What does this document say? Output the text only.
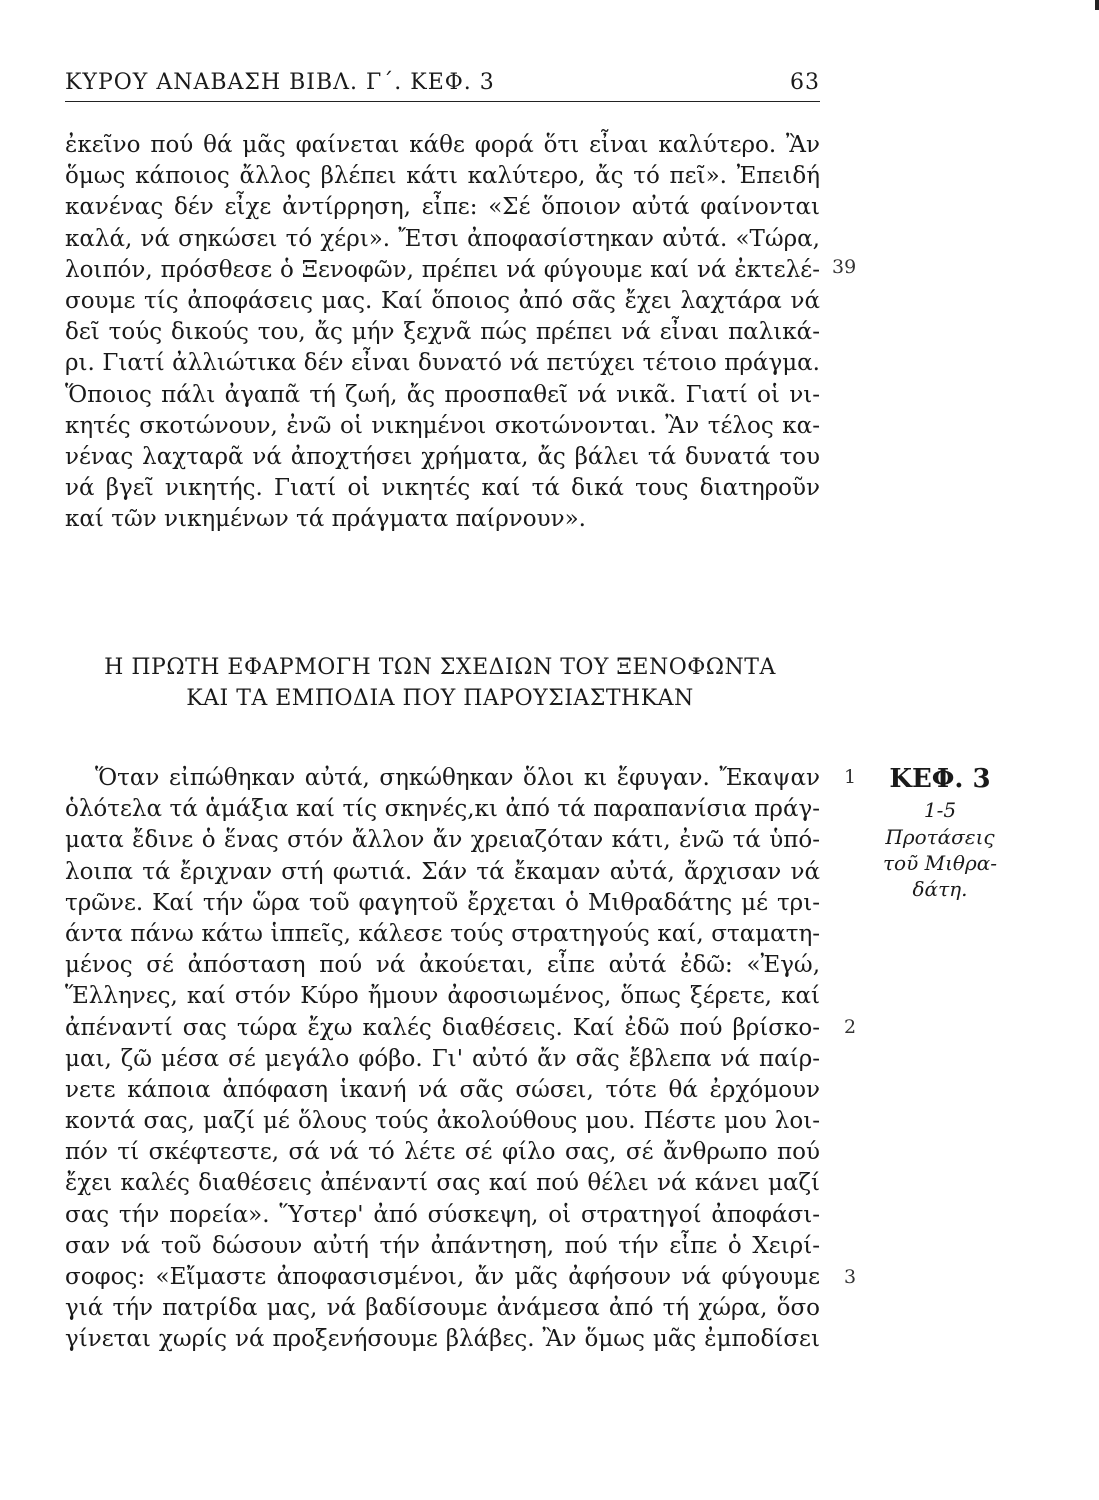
ΚΥΡΟΥ ΑΝΑΒΑΣΗ ΒΙΒΛ. Γ΄. ΚΕΦ. 3	63
ἐκεῖνο πού θά μᾶς φαίνεται κάθε φορά ὅτι εἶναι καλύτερο. Ἂν
ὅμως κάποιος ἄλλος βλέπει κάτι καλύτερο, ἄς τό πεῖ». Ἐπειδή
κανένας δέν εἶχε ἀντίρρηση, εἶπε: «Σέ ὅποιον αὐτά φαίνονται
καλά, νά σηκώσει τό χέρι». Ἔτσι ἀποφασίστηκαν αὐτά. «Τώρα,
λοιπόν, πρόσθεσε ὁ Ξενοφῶν, πρέπει νά φύγουμε καί νά ἐκτελέ-
σουμε τίς ἀποφάσεις μας. Καί ὅποιος ἀπό σᾶς ἔχει λαχτάρα νά
δεῖ τούς δικούς του, ἄς μήν ξεχνᾶ πώς πρέπει νά εἶναι παλικά-
ρι. Γιατί ἀλλιώτικα δέν εἶναι δυνατό νά πετύχει τέτοιο πράγμα.
Ὅποιος πάλι ἀγαπᾶ τή ζωή, ἄς προσπαθεῖ νά νικᾶ. Γιατί οἱ νι-
κητές σκοτώνουν, ἐνῶ οἱ νικημένοι σκοτώνονται. Ἂν τέλος κα-
νένας λαχταρᾶ νά ἀποχτήσει χρήματα, ἄς βάλει τά δυνατά του
νά βγεῖ νικητής. Γιατί οἱ νικητές καί τά δικά τους διατηροῦν
καί τῶν νικημένων τά πράγματα παίρνουν».
39
Η ΠΡΩΤΗ ΕΦΑΡΜΟΓΗ ΤΩΝ ΣΧΕΔΙΩΝ ΤΟΥ ΞΕΝΟΦΩΝΤΑ
ΚΑΙ ΤΑ ΕΜΠΟΔΙΑ ΠΟΥ ΠΑΡΟΥΣΙΑΣΤΗΚΑΝ
Ὅταν εἰπώθηκαν αὐτά, σηκώθηκαν ὅλοι κι ἔφυγαν. Ἔκαψαν
ὁλότελα τά ἁμάξια καί τίς σκηνές,κι ἀπό τά παραπανίσια πράγ-
ματα ἔδινε ὁ ἕνας στόν ἄλλον ἄν χρειαζόταν κάτι, ἐνῶ τά ὑπό-
λοιπα τά ἔριχναν στή φωτιά. Σάν τά ἔκαμαν αὐτά, ἄρχισαν νά
τρῶνε. Καί τήν ὥρα τοῦ φαγητοῦ ἔρχεται ὁ Μιθραδάτης μέ τρι-
άντα πάνω κάτω ἱππεῖς, κάλεσε τούς στρατηγούς καί, σταματη-
μένος σέ ἀπόσταση πού νά ἀκούεται, εἶπε αὐτά ἐδῶ: «Ἐγώ,
Ἕλληνες, καί στόν Κύρο ἤμουν ἀφοσιωμένος, ὅπως ξέρετε, καί
ἀπέναντί σας τώρα ἔχω καλές διαθέσεις. Καί ἐδῶ πού βρίσκο-
μαι, ζῶ μέσα σέ μεγάλο φόβο. Γι' αὐτό ἄν σᾶς ἔβλεπα νά παίρ-
νετε κάποια ἀπόφαση ἱκανή νά σᾶς σώσει, τότε θά ἐρχόμουν
κοντά σας, μαζί μέ ὅλους τούς ἀκολούθους μου. Πέστε μου λοι-
πόν τί σκέφτεστε, σά νά τό λέτε σέ φίλο σας, σέ ἄνθρωπο πού
ἔχει καλές διαθέσεις ἀπέναντί σας καί πού θέλει νά κάνει μαζί
σας τήν πορεία». Ὕστερ' ἀπό σύσκεψη, οἱ στρατηγοί ἀποφάσι-
σαν νά τοῦ δώσουν αὐτή τήν ἀπάντηση, πού τήν εἶπε ὁ Χειρί-
σοφος: «Εἴμαστε ἀποφασισμένοι, ἄν μᾶς ἀφήσουν νά φύγουμε
γιά τήν πατρίδα μας, νά βαδίσουμε ἀνάμεσα ἀπό τή χώρα, ὅσο
γίνεται χωρίς νά προξενήσουμε βλάβες. Ἂν ὅμως μᾶς ἐμποδίσει
1
2
3
ΚΕΦ. 3
1-5
Προτάσεις
τοῦ Μιθρα-
δάτη.
